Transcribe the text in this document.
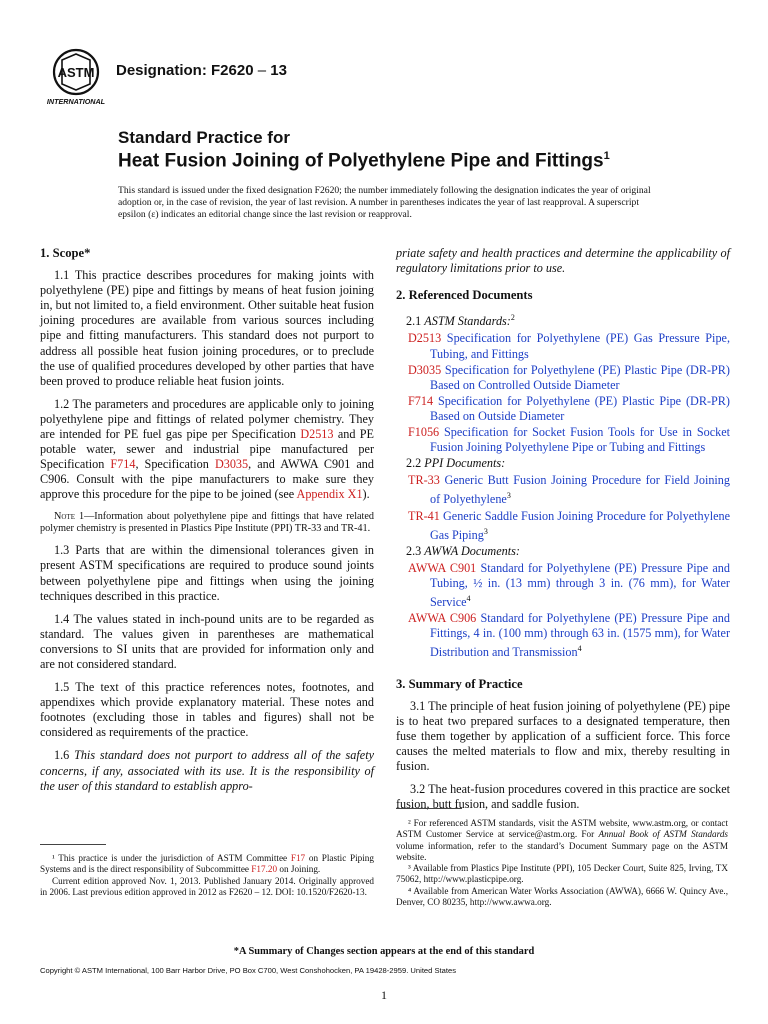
ASTM
INTERNATIONAL
Designation: F2620 – 13
Standard Practice for
Heat Fusion Joining of Polyethylene Pipe and Fittings$^1$
This standard is issued under the fixed designation F2620; the number immediately following the designation indicates the year of original adoption or, in the case of revision, the year of last revision. A number in parentheses indicates the year of last reapproval. A superscript epsilon (ε) indicates an editorial change since the last revision or reapproval.
1. Scope*

1.1 This practice describes procedures for making joints with polyethylene (PE) pipe and fittings by means of heat fusion joining in, but not limited to, a field environment. Other suitable heat fusion joining procedures are available from various sources including pipe and fitting manufacturers. This standard does not purport to address all possible heat fusion joining procedures, or to preclude the use of qualified procedures developed by other parties that have been proved to produce reliable heat fusion joints.

1.2 The parameters and procedures are applicable only to joining polyethylene pipe and fittings of related polymer chemistry. They are intended for PE fuel gas pipe per Specification D2513 and PE potable water, sewer and industrial pipe manufactured per Specification F714, Specification D3035, and AWWA C901 and C906. Consult with the pipe manufacturers to make sure they approve this procedure for the pipe to be joined (see Appendix X1).

Note 1—Information about polyethylene pipe and fittings that have related polymer chemistry is presented in Plastics Pipe Institute (PPI) TR-33 and TR-41.

1.3 Parts that are within the dimensional tolerances given in present ASTM specifications are required to produce sound joints between polyethylene pipe and fittings when using the joining techniques described in this practice.

1.4 The values stated in inch-pound units are to be regarded as standard. The values given in parentheses are mathematical conversions to SI units that are provided for information only and are not considered standard.

1.5 The text of this practice references notes, footnotes, and appendixes which provide explanatory material. These notes and footnotes (excluding those in tables and figures) shall not be considered as requirements of the practice.

1.6 This standard does not purport to address all of the safety concerns, if any, associated with its use. It is the responsibility of the user of this standard to establish appro-

¹ This practice is under the jurisdiction of ASTM Committee F17 on Plastic Piping Systems and is the direct responsibility of Subcommittee F17.20 on Joining.

Current edition approved Nov. 1, 2013. Published January 2014. Originally approved in 2006. Last previous edition approved in 2012 as F2620 – 12. DOI: 10.1520/F2620-13.

priate safety and health practices and determine the applicability of regulatory limitations prior to use.

2. Referenced Documents
2.1 ASTM Standards:$^2$
D2513 Specification for Polyethylene (PE) Gas Pressure Pipe, Tubing, and Fittings
D3035 Specification for Polyethylene (PE) Plastic Pipe (DR-PR) Based on Controlled Outside Diameter
F714 Specification for Polyethylene (PE) Plastic Pipe (DR-PR) Based on Outside Diameter
F1056 Specification for Socket Fusion Tools for Use in Socket Fusion Joining Polyethylene Pipe or Tubing and Fittings
2.2 PPI Documents:
TR-33 Generic Butt Fusion Joining Procedure for Field Joining of Polyethylene$^3$
TR-41 Generic Saddle Fusion Joining Procedure for Polyethylene Gas Piping$^3$
2.3 AWWA Documents:
AWWA C901 Standard for Polyethylene (PE) Pressure Pipe and Tubing, ½ in. (13 mm) through 3 in. (76 mm), for Water Service$^4$
AWWA C906 Standard for Polyethylene (PE) Pressure Pipe and Fittings, 4 in. (100 mm) through 63 in. (1575 mm), for Water Distribution and Transmission$^4$
3. Summary of Practice

3.1 The principle of heat fusion joining of polyethylene (PE) pipe is to heat two prepared surfaces to a designated temperature, then fuse them together by application of a sufficient force. This force causes the melted materials to flow and mix, thereby resulting in fusion.

3.2 The heat-fusion procedures covered in this practice are socket fusion, butt fusion, and saddle fusion.

² For referenced ASTM standards, visit the ASTM website, www.astm.org, or contact ASTM Customer Service at service@astm.org. For Annual Book of ASTM Standards volume information, refer to the standard’s Document Summary page on the ASTM website.

³ Available from Plastics Pipe Institute (PPI), 105 Decker Court, Suite 825, Irving, TX 75062, http://www.plasticpipe.org.

⁴ Available from American Water Works Association (AWWA), 6666 W. Quincy Ave., Denver, CO 80235, http://www.awwa.org.

*A Summary of Changes section appears at the end of this standard
Copyright © ASTM International, 100 Barr Harbor Drive, PO Box C700, West Conshohocken, PA 19428-2959. United States
1
